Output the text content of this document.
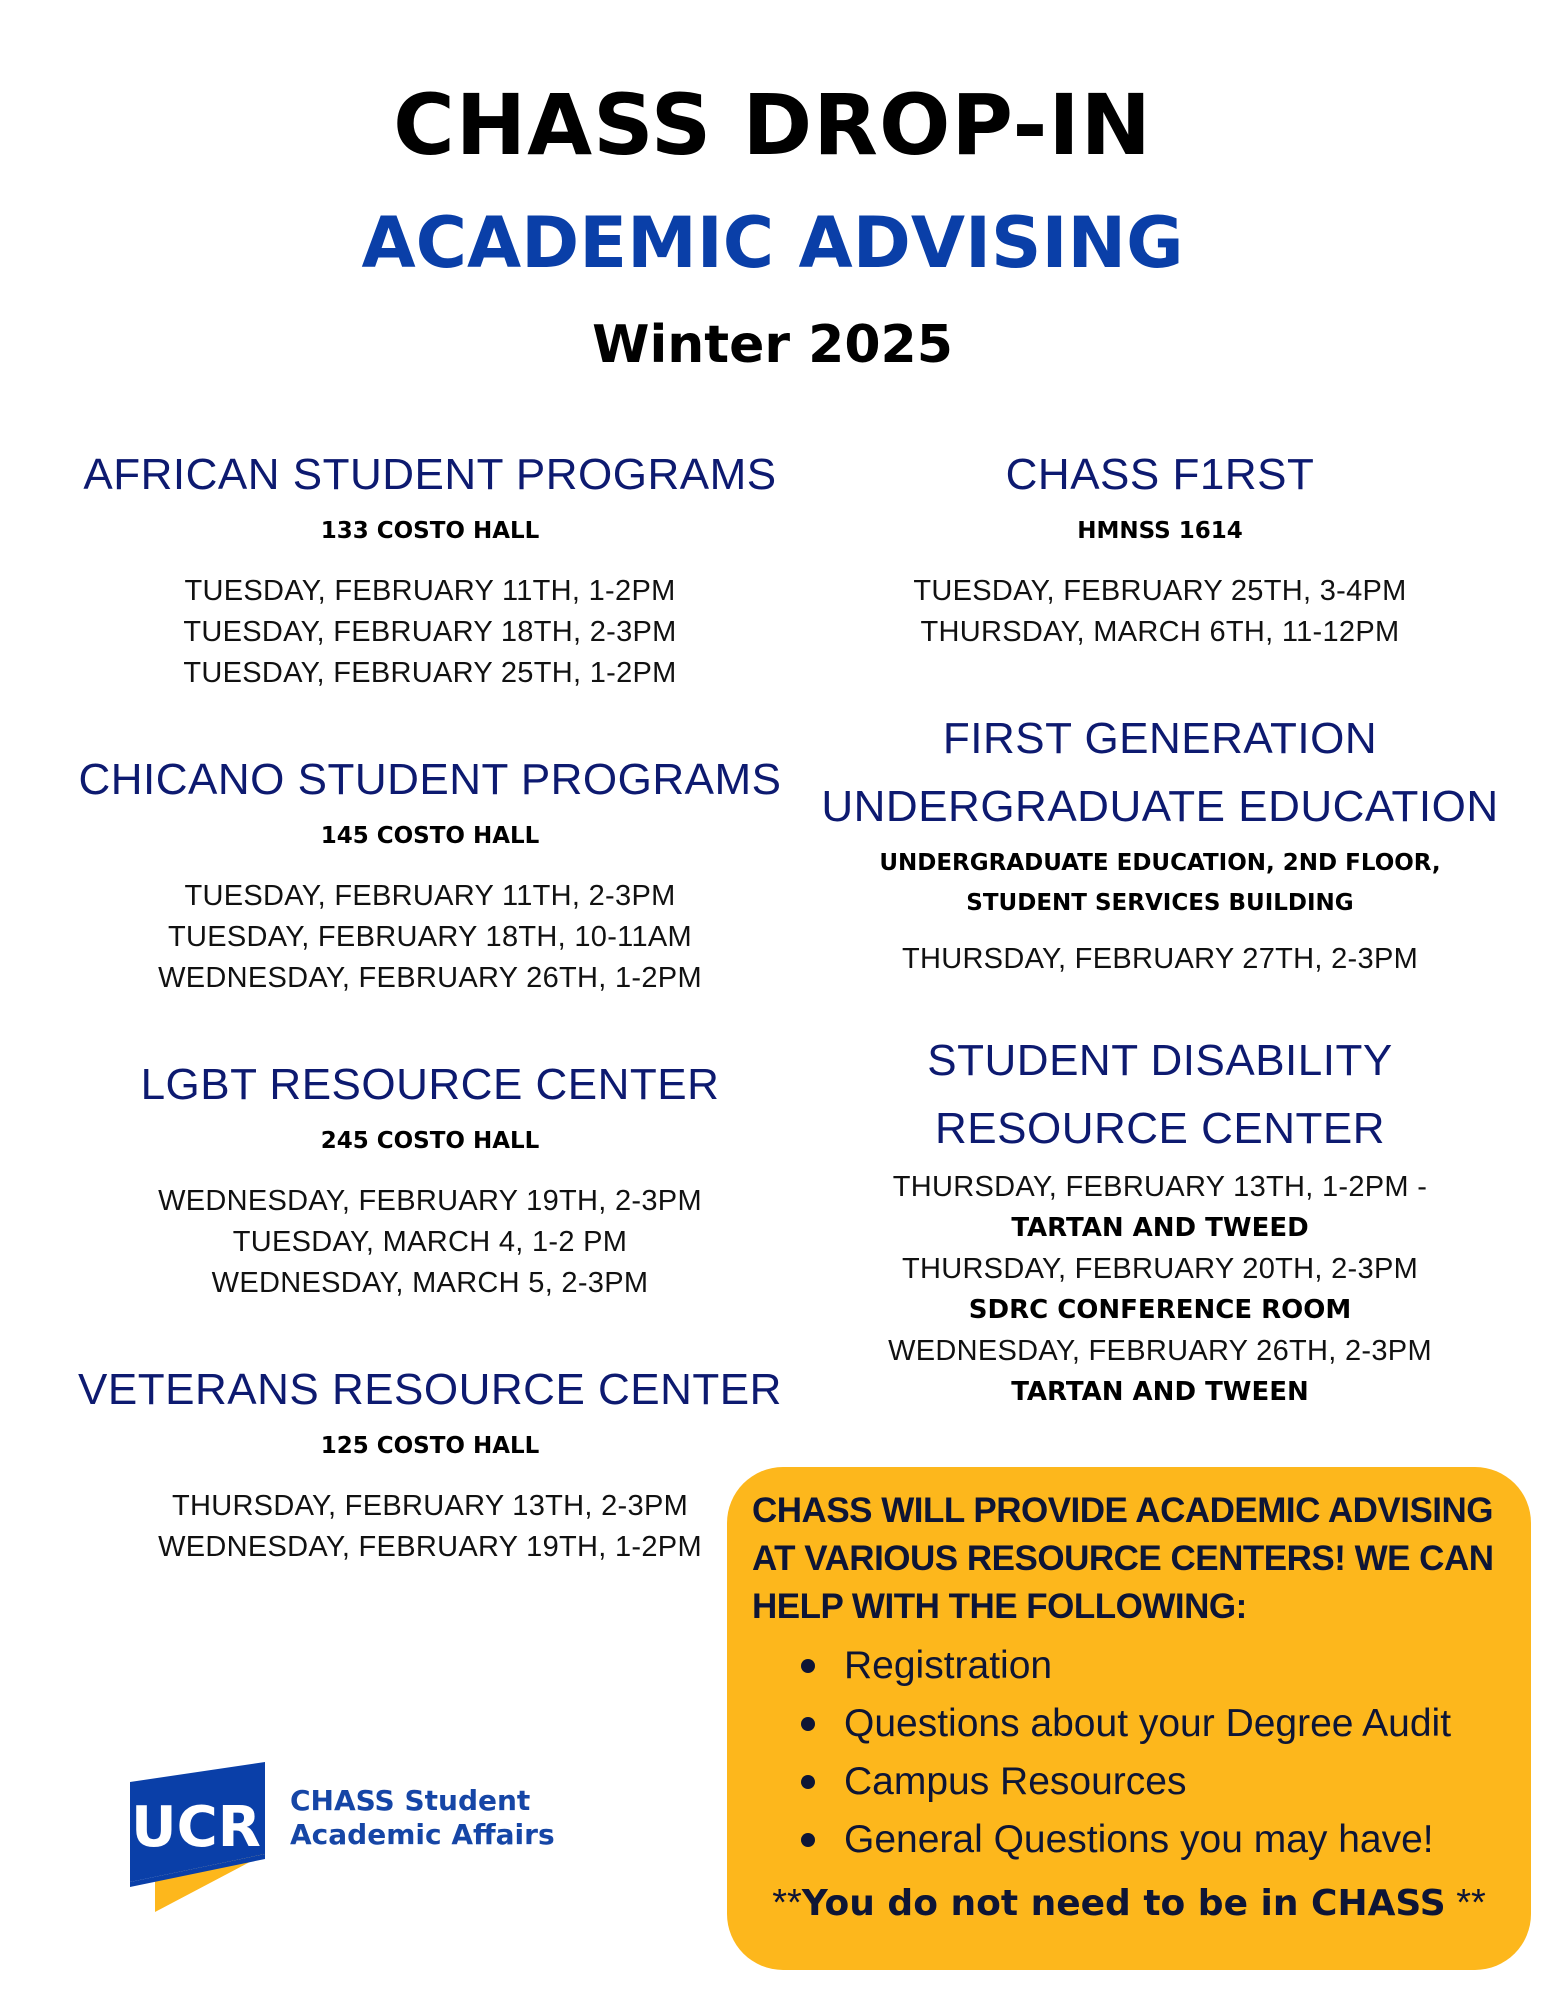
CHASS DROP-IN
ACADEMIC ADVISING
Winter 2025
AFRICAN STUDENT PROGRAMS
133 COSTO HALL
TUESDAY, FEBRUARY 11TH, 1-2PM
TUESDAY, FEBRUARY 18TH, 2-3PM
TUESDAY, FEBRUARY 25TH, 1-2PM
CHICANO STUDENT PROGRAMS
145 COSTO HALL
TUESDAY, FEBRUARY 11TH, 2-3PM
TUESDAY, FEBRUARY 18TH, 10-11AM
WEDNESDAY, FEBRUARY 26TH, 1-2PM
LGBT RESOURCE CENTER
245 COSTO HALL
WEDNESDAY, FEBRUARY 19TH, 2-3PM
TUESDAY, MARCH 4, 1-2 PM
WEDNESDAY, MARCH 5, 2-3PM
VETERANS RESOURCE CENTER
125 COSTO HALL
THURSDAY, FEBRUARY 13TH, 2-3PM
WEDNESDAY, FEBRUARY 19TH, 1-2PM
CHASS F1RST
HMNSS 1614
TUESDAY, FEBRUARY 25TH, 3-4PM
THURSDAY, MARCH 6TH, 11-12PM
FIRST GENERATION
UNDERGRADUATE EDUCATION
UNDERGRADUATE EDUCATION, 2ND FLOOR,
STUDENT SERVICES BUILDING
THURSDAY, FEBRUARY 27TH, 2-3PM
STUDENT DISABILITY
RESOURCE CENTER
THURSDAY, FEBRUARY 13TH, 1-2PM -
TARTAN AND TWEED
THURSDAY, FEBRUARY 20TH, 2-3PM
SDRC CONFERENCE ROOM
WEDNESDAY, FEBRUARY 26TH, 2-3PM
TARTAN AND TWEEN
CHASS WILL PROVIDE ACADEMIC ADVISING
AT VARIOUS RESOURCE CENTERS! WE CAN
HELP WITH THE FOLLOWING:
Registration
Questions about your Degree Audit
Campus Resources
General Questions you may have!
**You do not need to be in CHASS **
UCR CHASS Student
Academic Affairs
